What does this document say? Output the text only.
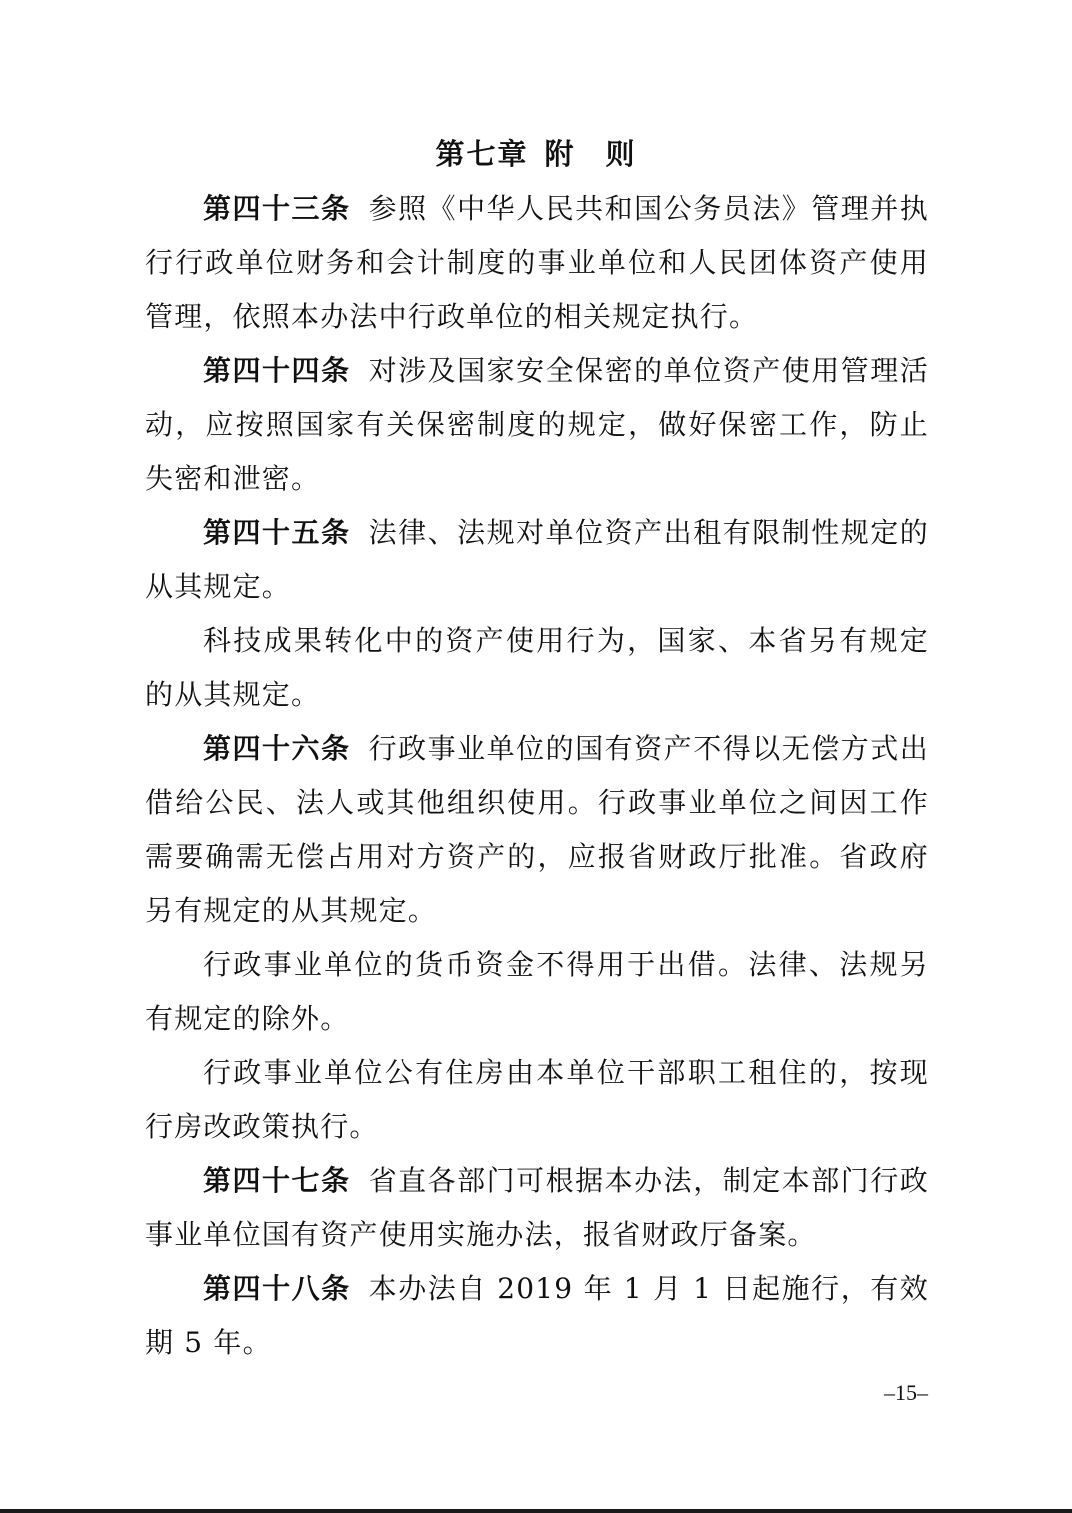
第七章 附 则

第四十三条 参照《中华人民共和国公务员法》管理并执行行政单位财务和会计制度的事业单位和人民团体资产使用管理，依照本办法中行政单位的相关规定执行。

第四十四条 对涉及国家安全保密的单位资产使用管理活动，应按照国家有关保密制度的规定，做好保密工作，防止失密和泄密。

第四十五条 法律、法规对单位资产出租有限制性规定的从其规定。

科技成果转化中的资产使用行为，国家、本省另有规定的从其规定。

第四十六条 行政事业单位的国有资产不得以无偿方式出借给公民、法人或其他组织使用。行政事业单位之间因工作需要确需无偿占用对方资产的，应报省财政厅批准。省政府另有规定的从其规定。

行政事业单位的货币资金不得用于出借。法律、法规另有规定的除外。

行政事业单位公有住房由本单位干部职工租住的，按现行房改政策执行。

第四十七条 省直各部门可根据本办法，制定本部门行政事业单位国有资产使用实施办法，报省财政厅备案。

第四十八条 本办法自 2019 年 1 月 1 日起施行，有效期 5 年。

–15–
